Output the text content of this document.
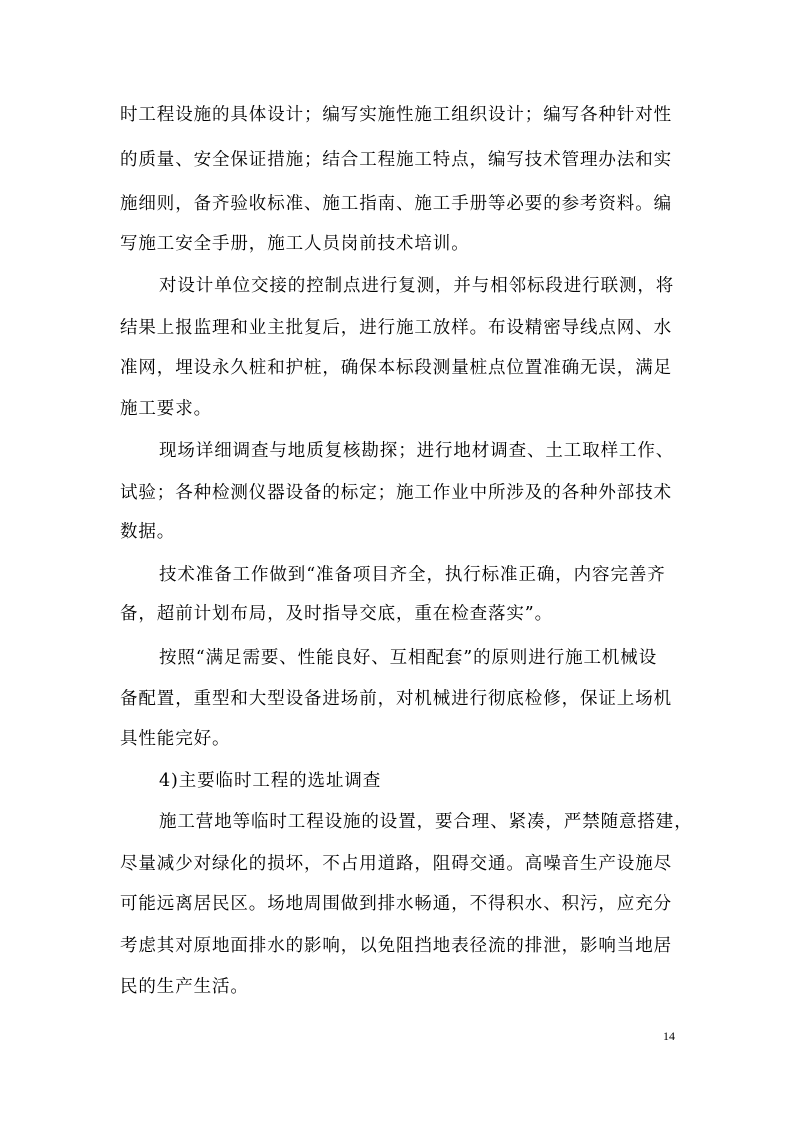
时工程设施的具体设计；编写实施性施工组织设计；编写各种针对性
的质量、安全保证措施；结合工程施工特点，编写技术管理办法和实
施细则，备齐验收标准、施工指南、施工手册等必要的参考资料。编
写施工安全手册，施工人员岗前技术培训。
对设计单位交接的控制点进行复测，并与相邻标段进行联测，将
结果上报监理和业主批复后，进行施工放样。布设精密导线点网、水
准网，埋设永久桩和护桩，确保本标段测量桩点位置准确无误，满足
施工要求。
现场详细调查与地质复核勘探；进行地材调查、土工取样工作、
试验；各种检测仪器设备的标定；施工作业中所涉及的各种外部技术
数据。
技术准备工作做到“准备项目齐全，执行标准正确，内容完善齐
备，超前计划布局，及时指导交底，重在检查落实”。
按照“满足需要、性能良好、互相配套”的原则进行施工机械设
备配置，重型和大型设备进场前，对机械进行彻底检修，保证上场机
具性能完好。
4)主要临时工程的选址调查
施工营地等临时工程设施的设置，要合理、紧凑，严禁随意搭建，
尽量减少对绿化的损坏，不占用道路，阻碍交通。高噪音生产设施尽
可能远离居民区。场地周围做到排水畅通，不得积水、积污，应充分
考虑其对原地面排水的影响，以免阻挡地表径流的排泄，影响当地居
民的生产生活。
14
